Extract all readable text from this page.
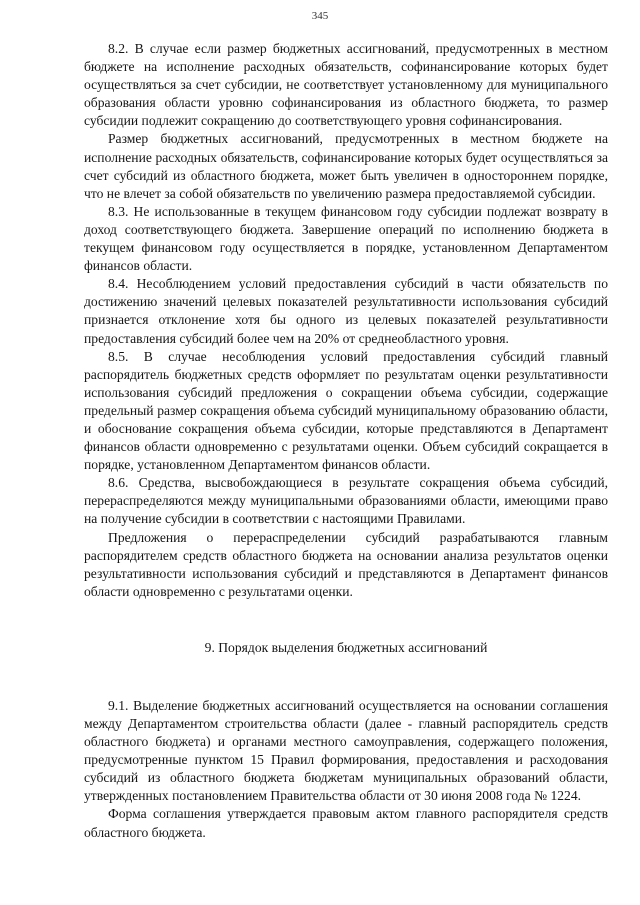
345

8.2. В случае если размер бюджетных ассигнований, предусмотренных в местном бюджете на исполнение расходных обязательств, софинансирование которых будет осуществляться за счет субсидии, не соответствует установленному для муниципального образования области уровню софинансирования из областного бюджета, то размер субсидии подлежит сокращению до соответствующего уровня софинансирования.

Размер бюджетных ассигнований, предусмотренных в местном бюджете на исполнение расходных обязательств, софинансирование которых будет осуществляться за счет субсидий из областного бюджета, может быть увеличен в одностороннем порядке, что не влечет за собой обязательств по увеличению размера предоставляемой субсидии.

8.3. Не использованные в текущем финансовом году субсидии подлежат возврату в доход соответствующего бюджета. Завершение операций по исполнению бюджета в текущем финансовом году осуществляется в порядке, установленном Департаментом финансов области.

8.4. Несоблюдением условий предоставления субсидий в части обязательств по достижению значений целевых показателей результативности использования субсидий признается отклонение хотя бы одного из целевых показателей результативности предоставления субсидий более чем на 20% от среднеобластного уровня.

8.5. В случае несоблюдения условий предоставления субсидий главный распорядитель бюджетных средств оформляет по результатам оценки результативности использования субсидий предложения о сокращении объема субсидии, содержащие предельный размер сокращения объема субсидий муниципальному образованию области, и обоснование сокращения объема субсидии, которые представляются в Департамент финансов области одновременно с результатами оценки. Объем субсидий сокращается в порядке, установленном Департаментом финансов области.

8.6. Средства, высвобождающиеся в результате сокращения объема субсидий, перераспределяются между муниципальными образованиями области, имеющими право на получение субсидии в соответствии с настоящими Правилами.

Предложения о перераспределении субсидий разрабатываются главным распорядителем средств областного бюджета на основании анализа результатов оценки результативности использования субсидий и представляются в Департамент финансов области одновременно с результатами оценки.

9. Порядок выделения бюджетных ассигнований

9.1. Выделение бюджетных ассигнований осуществляется на основании соглашения между Департаментом строительства области (далее - главный распорядитель средств областного бюджета) и органами местного самоуправления, содержащего положения, предусмотренные пунктом 15 Правил формирования, предоставления и расходования субсидий из областного бюджета бюджетам муниципальных образований области, утвержденных постановлением Правительства области от 30 июня 2008 года № 1224.

Форма соглашения утверждается правовым актом главного распорядителя средств областного бюджета.
